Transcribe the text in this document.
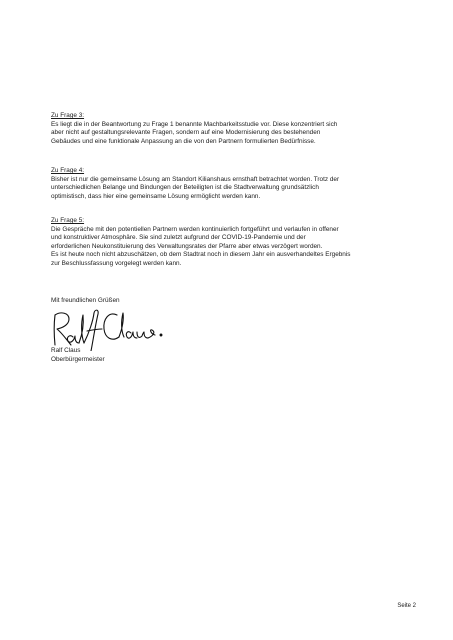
Zu Frage 3:
Es liegt die in der Beantwortung zu Frage 1 benannte Machbarkeitsstudie vor. Diese konzentriert sich
aber nicht auf gestaltungsrelevante Fragen, sondern auf eine Modernisierung des bestehenden
Gebäudes und eine funktionale Anpassung an die von den Partnern formulierten Bedürfnisse.
Zu Frage 4:
Bisher ist nur die gemeinsame Lösung am Standort Kilianshaus ernsthaft betrachtet worden. Trotz der
unterschiedlichen Belange und Bindungen der Beteiligten ist die Stadtverwaltung grundsätzlich
optimistisch, dass hier eine gemeinsame Lösung ermöglicht werden kann.
Zu Frage 5:
Die Gespräche mit den potentiellen Partnern werden kontinuierlich fortgeführt und verlaufen in offener
und konstruktiver Atmosphäre. Sie sind zuletzt aufgrund der COVID-19-Pandemie und der
erforderlichen Neukonstituierung des Verwaltungsrates der Pfarre aber etwas verzögert worden.
Es ist heute noch nicht abzuschätzen, ob dem Stadtrat noch in diesem Jahr ein ausverhandeltes Ergebnis
zur Beschlussfassung vorgelegt werden kann.
Mit freundlichen Grüßen
Ralf Claus
Oberbürgermeister
Seite 2
